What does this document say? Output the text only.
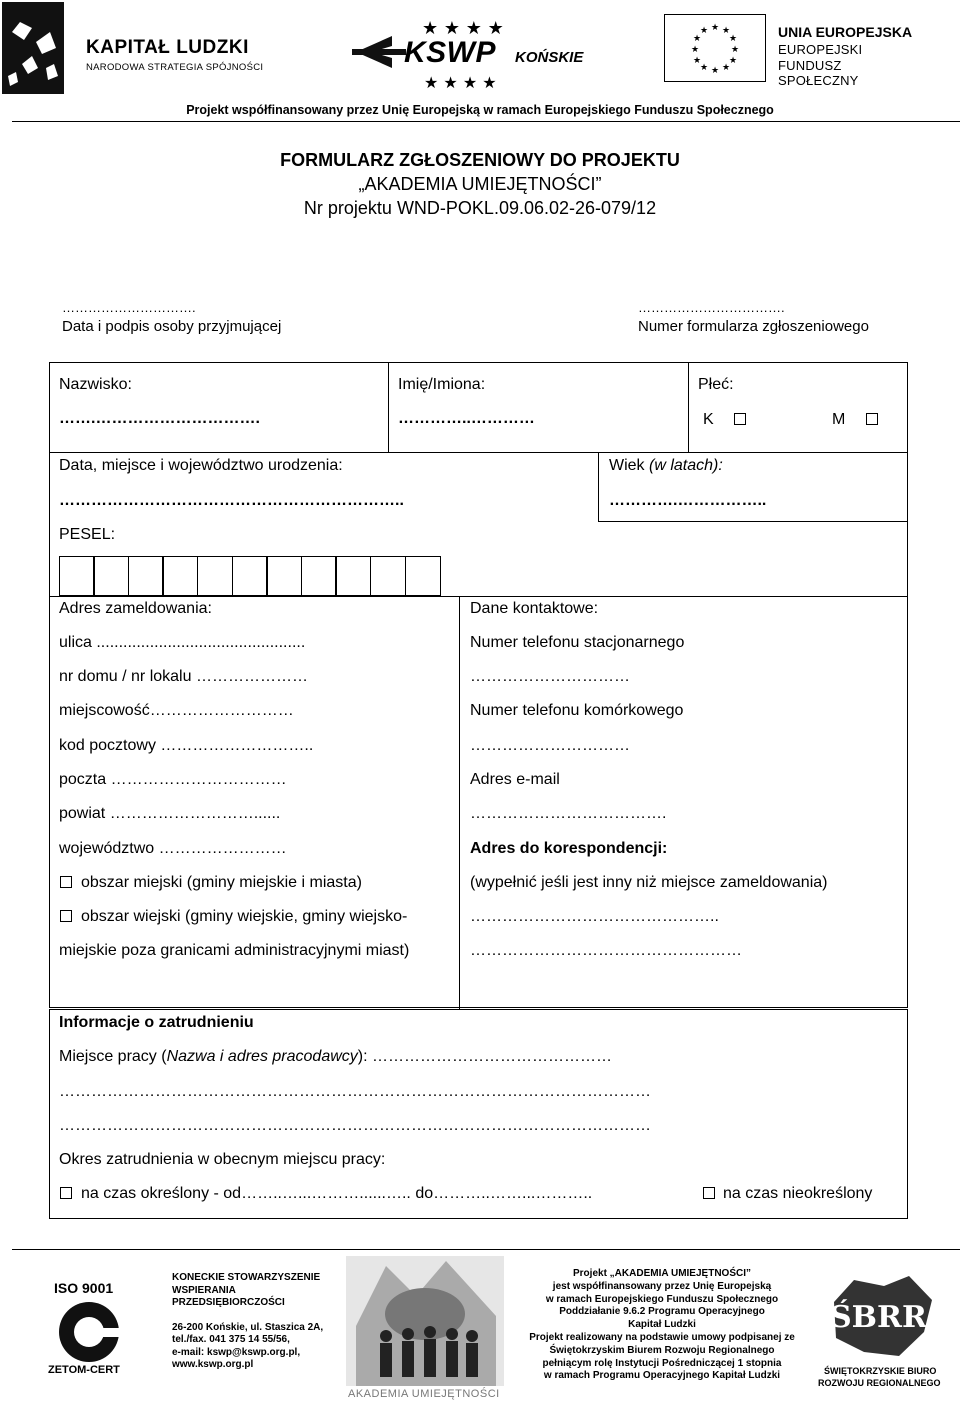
KAPITAŁ LUDZKI
NARODOWA STRATEGIA SPÓJNOŚCI
★ ★ ★ ★
★ ★ ★ ★
KSWP KOŃSKIE
★ ★
★
★
★
★
★
★
★
★
★
★	UNIA EUROPEJSKA
EUROPEJSKI
FUNDUSZ SPOŁECZNY
Projekt współfinansowany przez Unię Europejską w ramach Europejskiego Funduszu Społecznego
FORMULARZ ZGŁOSZENIOWY DO PROJEKTU
„AKADEMIA UMIEJĘTNOŚCI”
Nr projektu WND-POKL.09.06.02-26-079/12
………………………….
Data i podpis osoby przyjmującej
…………………………….
Numer formularza zgłoszeniowego
Nazwisko:
…….………………………….
Imię/Imiona:
…………..…………
Płeć:
K	M
Data, miejsce i województwo urodzenia:
………………………………………………………..
Wiek (w latach):
………….……………..
PESEL:
Adres zameldowania:
ulica ...............................................
nr domu / nr lokalu …………………
miejscowość………………………
kod pocztowy ………………………..
poczta ……………………………
powiat ………………………......
województwo ……………………
obszar miejski (gminy miejskie i miasta)
obszar wiejski (gminy wiejskie, gminy wiejsko-
miejskie poza granicami administracyjnymi miast)
Dane kontaktowe:
Numer telefonu stacjonarnego
…………………………
Numer telefonu komórkowego
…………………………
Adres e-mail
……………………………….
Adres do korespondencji:
(wypełnić jeśli jest inny niż miejsce zameldowania)
………………………………………..
……………………………………………
Informacje o zatrudnieniu
Miejsce pracy (Nazwa i adres pracodawcy): ………………………………………
…………………………………………………………………………………………………
…………………………………………………………………………………………………
Okres zatrudnienia w obecnym miejscu pracy:
na czas określony - od……..…...………......….. do………..……...………..	na czas nieokreślony
ISO 9001
ZETOM-CERT
KONECKIE STOWARZYSZENIE
WSPIERANIA
PRZEDSIĘBIORCZOŚCI
26-200 Końskie, ul. Staszica 2A,
tel./fax. 041 375 14 55/56,
e-mail: kswp@kswp.org.pl,
www.kswp.org.pl
AKADEMIA UMIEJĘTNOŚCI
Projekt „AKADEMIA UMIEJĘTNOŚCI”
jest współfinansowany przez Unię Europejską
w ramach Europejskiego Funduszu Społecznego
Poddziałanie 9.6.2 Programu Operacyjnego
Kapitał Ludzki
Projekt realizowany na podstawie umowy podpisanej ze
Świętokrzyskim Biurem Rozwoju Regionalnego
pełniącym rolę Instytucji Pośredniczącej 1 stopnia
w ramach Programu Operacyjnego Kapitał Ludzki
ŚBRR
ŚWIĘTOKRZYSKIE BIURO
ROZWOJU REGIONALNEGO
